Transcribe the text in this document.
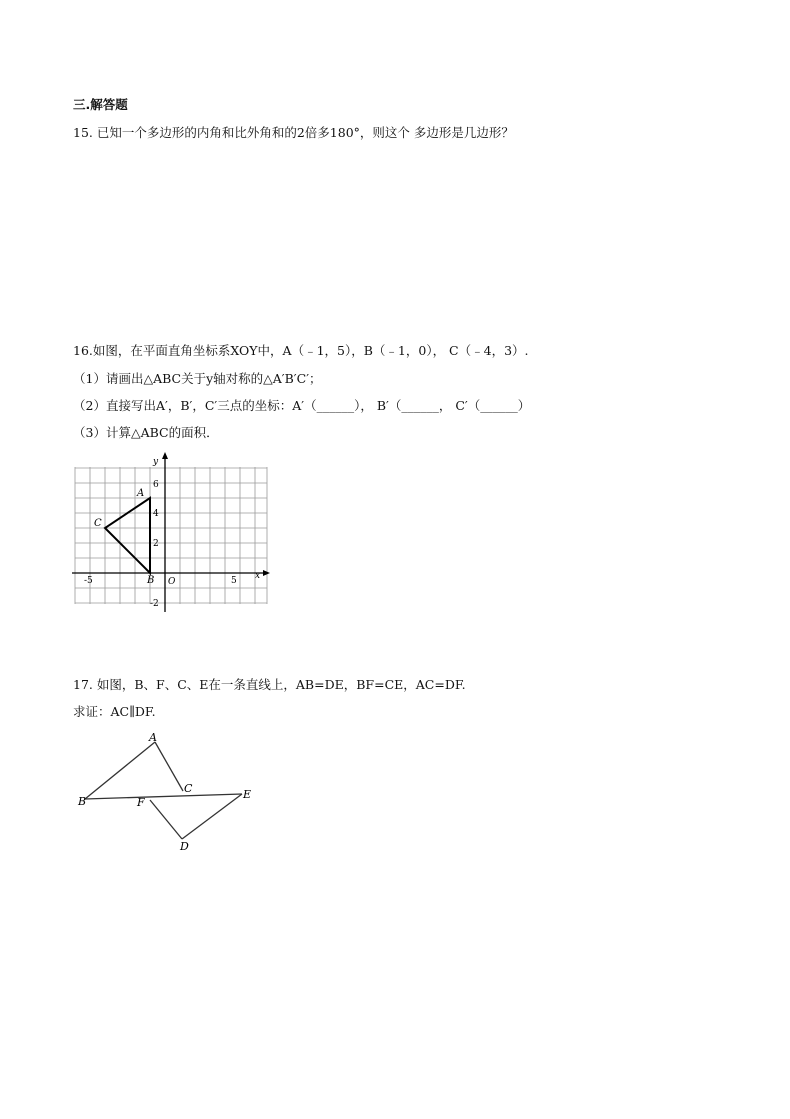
三.解答题
15. 已知一个多边形的内角和比外角和的2倍多180°，则这个 多边形是几边形？
16.如图，在平面直角坐标系XOY中，A（﹣1，5），B（﹣1，0）， C（﹣4，3）.
（1）请画出△ABC关于y轴对称的△A′B′C′；
（2）直接写出A′，B′，C′三点的坐标：A′（______）， B′（______， C′（______）
（3）计算△ABC的面积．
x
y
O
-5	5
6
4
2
-2
A
B
C
17. 如图，B、F、C、E在一条直线上，AB=DE，BF=CE，AC=DF.
求证：AC∥DF.
A
B
C
D
E
F
